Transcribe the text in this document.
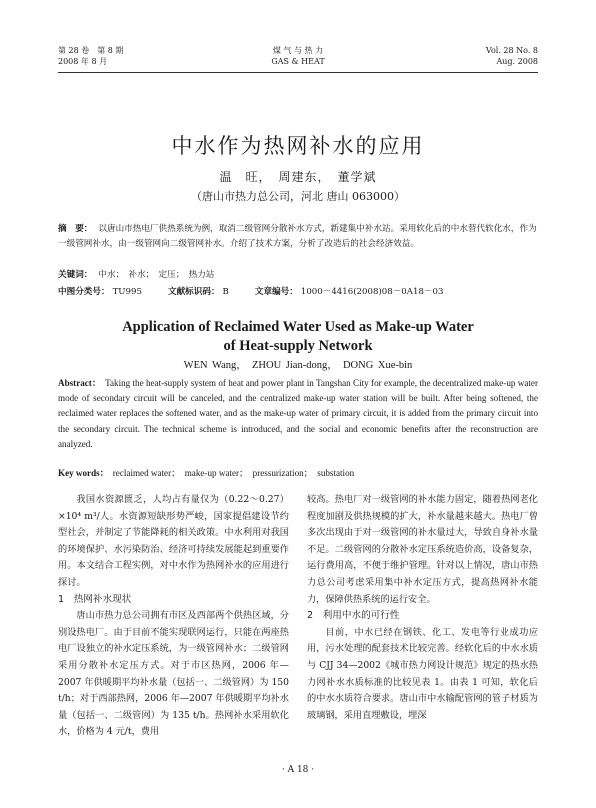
第 28 卷　第 8 期
2008 年 8 月
煤 气 与 热 力
GAS & HEAT
Vol. 28 No. 8
Aug. 2008
中水作为热网补水的应用
温　旺，　周建东，　董学斌
（唐山市热力总公司，河北 唐山 063000）
摘　要： 以唐山市热电厂供热系统为例，取消二级管网分散补水方式，新建集中补水站。采用软化后的中水替代软化水，作为一级管网补水，由一级管网向二级管网补水。介绍了技术方案，分析了改造后的社会经济效益。
关键词： 中水；　补水；　定压；　热力站
中图分类号： TU995	文献标识码： B	文章编号： 1000－4416(2008)08－0A18－03
Application of Reclaimed Water Used as Make-up Water
of Heat-supply Network
WEN Wang，　ZHOU Jian-dong，　DONG Xue-bin
Abstract： Taking the heat-supply system of heat and power plant in Tangshan City for example, the decentralized make-up water mode of secondary circuit will be canceled, and the centralized make-up water station will be built. After being softened, the reclaimed water replaces the softened water, and as the make-up water of primary circuit, it is added from the primary circuit into the secondary circuit. The technical scheme is introduced, and the social and economic benefits after the reconstruction are analyzed.
Key words： reclaimed water；　make-up water；　pressurization；　substation

我国水资源匮乏，人均占有量仅为（0.22～0.27）×10⁴ m³/人。水资源短缺形势严峻，国家提倡建设节约型社会，并制定了节能降耗的相关政策。中水利用对我国的环境保护、水污染防治、经济可持续发展能起到重要作用。本文结合工程实例，对中水作为热网补水的应用进行探讨。

1　热网补水现状

唐山市热力总公司拥有市区及西部两个供热区域，分别设热电厂。由于目前不能实现联网运行，只能在两座热电厂设独立的补水定压系统，为一级管网补水；二级管网采用分散补水定压方式。对于市区热网，2006 年—2007 年供暖期平均补水量（包括一、二级管网）为 150 t/h；对于西部热网，2006 年—2007 年供暖期平均补水量（包括一、二级管网）为 135 t/h。热网补水采用软化水，价格为 4 元/t，费用

较高。热电厂对一级管网的补水能力固定，随着热网老化程度加剧及供热规模的扩大，补水量越来越大。热电厂曾多次出现由于对一级管网的补水量过大，导致自身补水量不足。二级管网的分散补水定压系统造价高，设备复杂，运行费用高，不便于维护管理。针对以上情况，唐山市热力总公司考虑采用集中补水定压方式，提高热网补水能力，保障供热系统的运行安全。

2　利用中水的可行性

目前，中水已经在钢铁、化工、发电等行业成功应用，污水处理的配套技术比较完善。经软化后的中水水质与 CJJ 34—2002《城市热力网设计规范》规定的热水热力网补水水质标准的比较见表 1。由表 1 可知，软化后的中水水质符合要求。唐山市中水输配管网的管子材质为玻璃钢，采用直埋敷设，埋深

· A 18 ·
